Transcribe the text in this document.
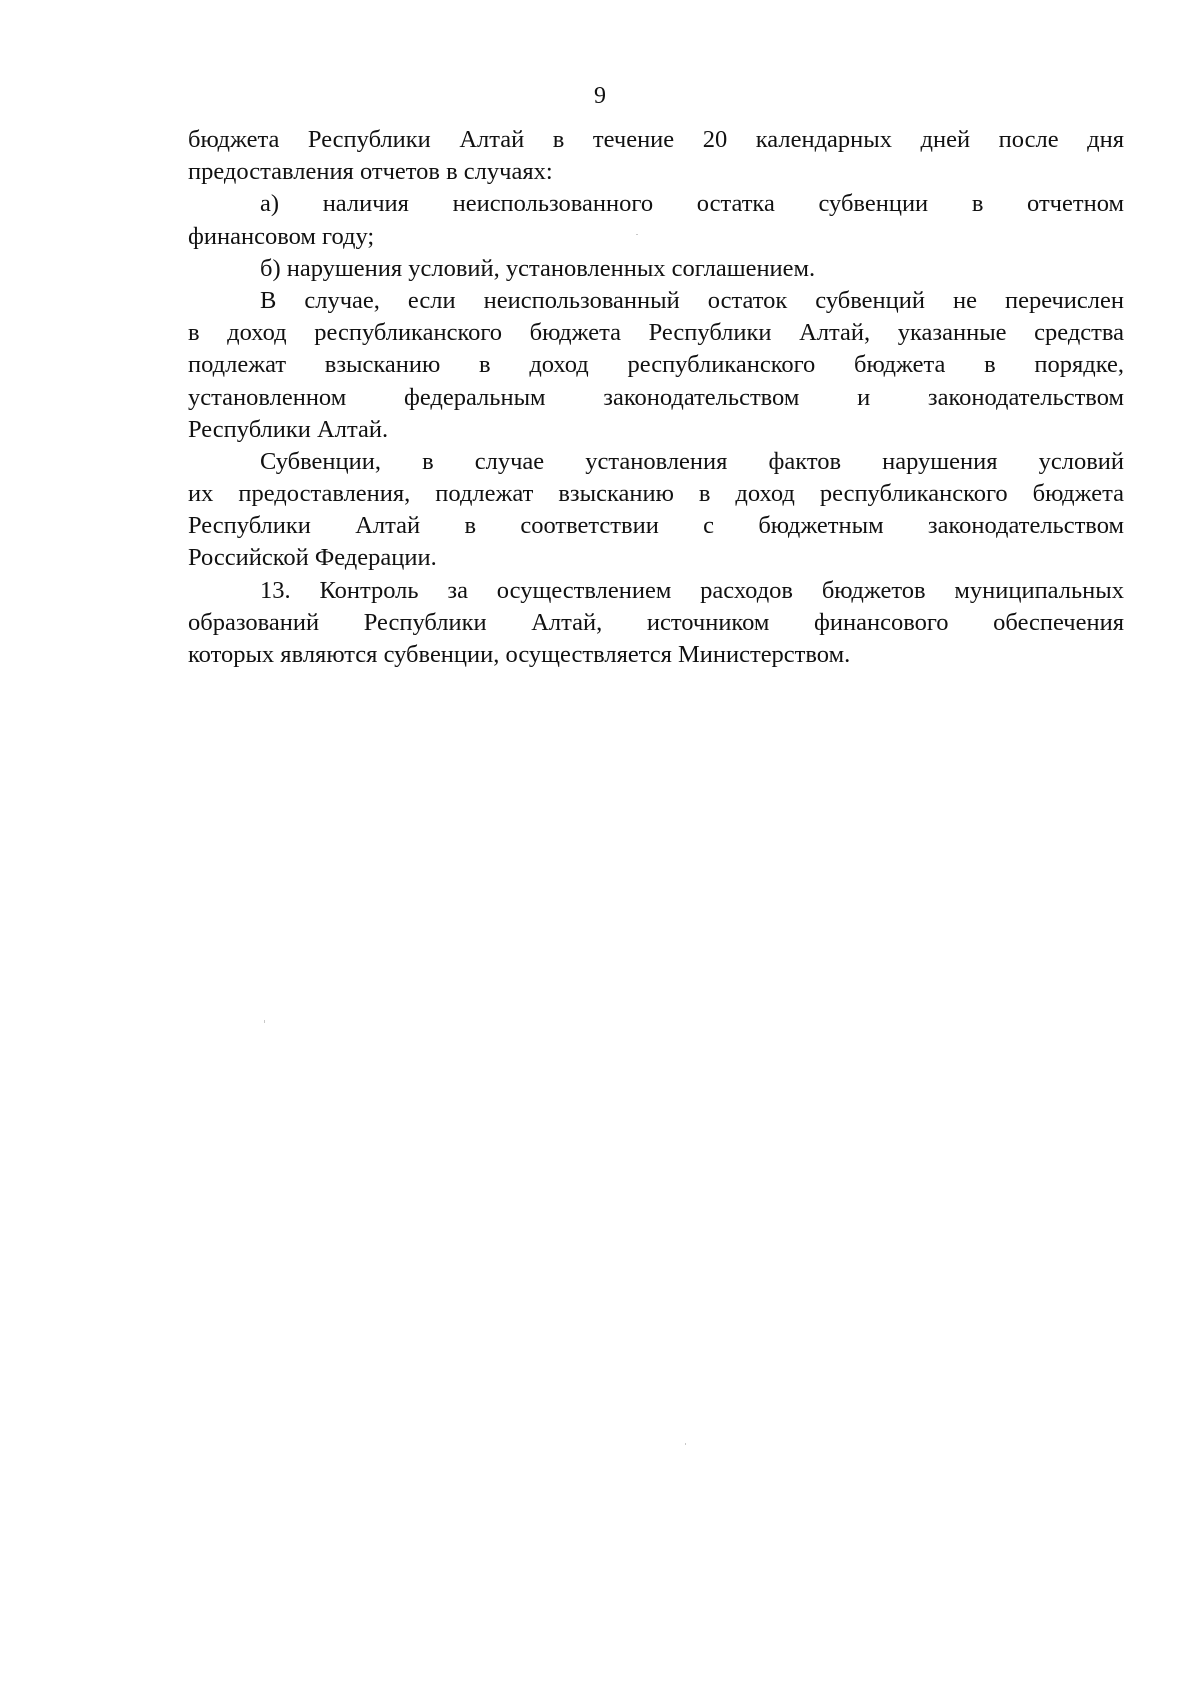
9

бюджета Республики Алтай в течение 20 календарных дней после дня
предоставления отчетов в случаях:
а) наличия неиспользованного остатка субвенции в отчетном
финансовом году;
б) нарушения условий, установленных соглашением.
В случае, если неиспользованный остаток субвенций не перечислен
в доход республиканского бюджета Республики Алтай, указанные средства
подлежат взысканию в доход республиканского бюджета в порядке,
установленном федеральным законодательством и законодательством
Республики Алтай.
Субвенции, в случае установления фактов нарушения условий
их предоставления, подлежат взысканию в доход республиканского бюджета
Республики Алтай в соответствии с бюджетным законодательством
Российской Федерации.
13. Контроль за осуществлением расходов бюджетов муниципальных
образований Республики Алтай, источником финансового обеспечения
которых являются субвенции, осуществляется Министерством.
